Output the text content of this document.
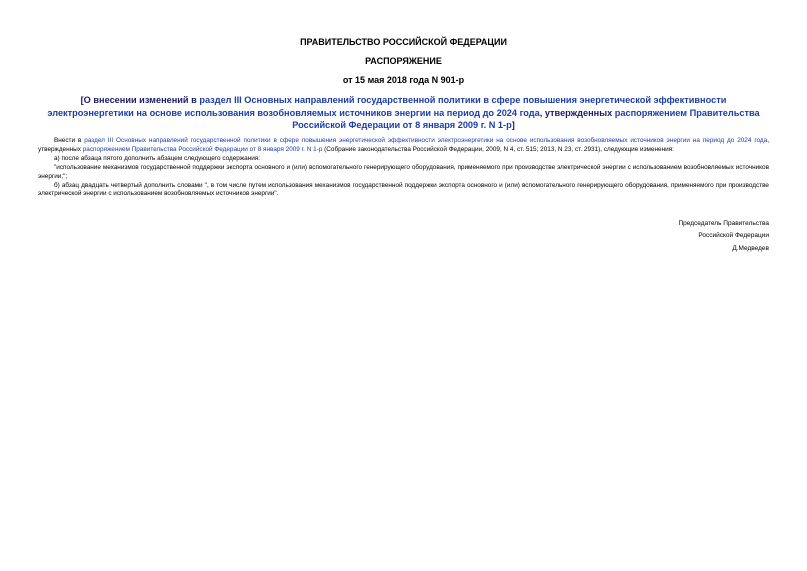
ПРАВИТЕЛЬСТВО РОССИЙСКОЙ ФЕДЕРАЦИИ
РАСПОРЯЖЕНИЕ
от 15 мая 2018 года N 901-р
[О внесении изменений в раздел III Основных направлений государственной политики в сфере повышения энергетической эффективности электроэнергетики на основе использования возобновляемых источников энергии на период до 2024 года, утвержденных распоряжением Правительства Российской Федерации от 8 января 2009 г. N 1-р]

Внести в раздел III Основных направлений государственной политики в сфере повышения энергетической эффективности электроэнергетики на основе использования возобновляемых источников энергии на период до 2024 года, утвержденных распоряжением Правительства Российской Федерации от 8 января 2009 г. N 1-р (Собрание законодательства Российской Федерации, 2009, N 4, ст. 515; 2013, N 23, ст. 2931), следующие изменения:

а) после абзаца пятого дополнить абзацем следующего содержания:

"использование механизмов государственной поддержки экспорта основного и (или) вспомогательного генерирующего оборудования, применяемого при производстве электрической энергии с использованием возобновляемых источников энергии;";

б) абзац двадцать четвертый дополнить словами ", в том числе путем использования механизмов государственной поддержки экспорта основного и (или) вспомогательного генерирующего оборудования, применяемого при производстве электрической энергии с использованием возобновляемых источников энергии".

Председатель Правительства
Российской Федерации
Д.Медведев
